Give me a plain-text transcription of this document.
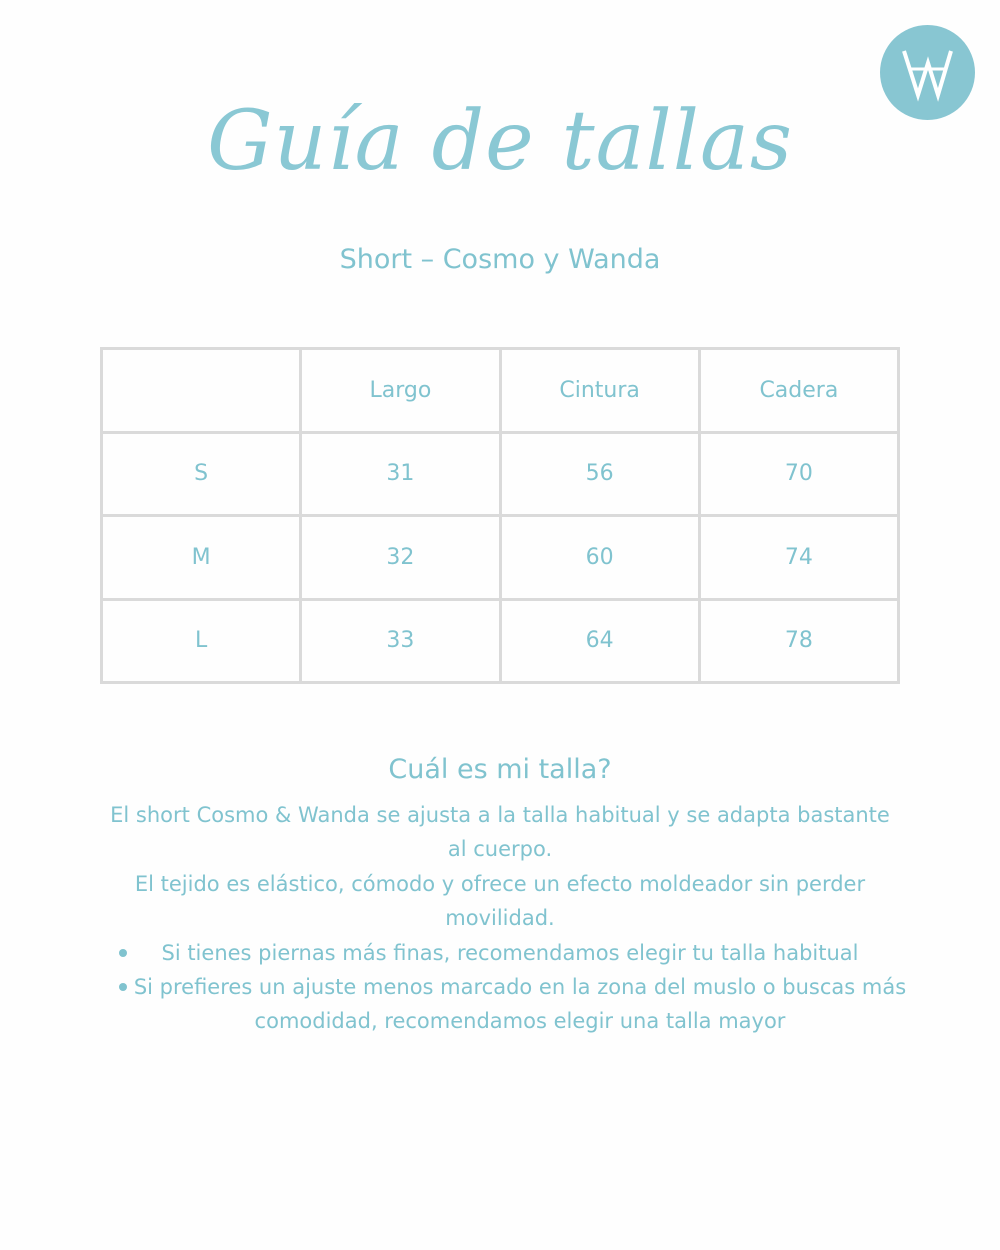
Guía de tallas
Short – Cosmo y Wanda
	Largo	Cintura	Cadera
S	31	56	70
M	32	60	74
L	33	64	78
Cuál es mi talla?

El short Cosmo & Wanda se ajusta a la talla habitual y se adapta bastante al cuerpo.

El tejido es elástico, cómodo y ofrece un efecto moldeador sin perder movilidad.

Si tienes piernas más finas, recomendamos elegir tu talla habitual
Si prefieres un ajuste menos marcado en la zona del muslo o buscas más comodidad, recomendamos elegir una talla mayor
